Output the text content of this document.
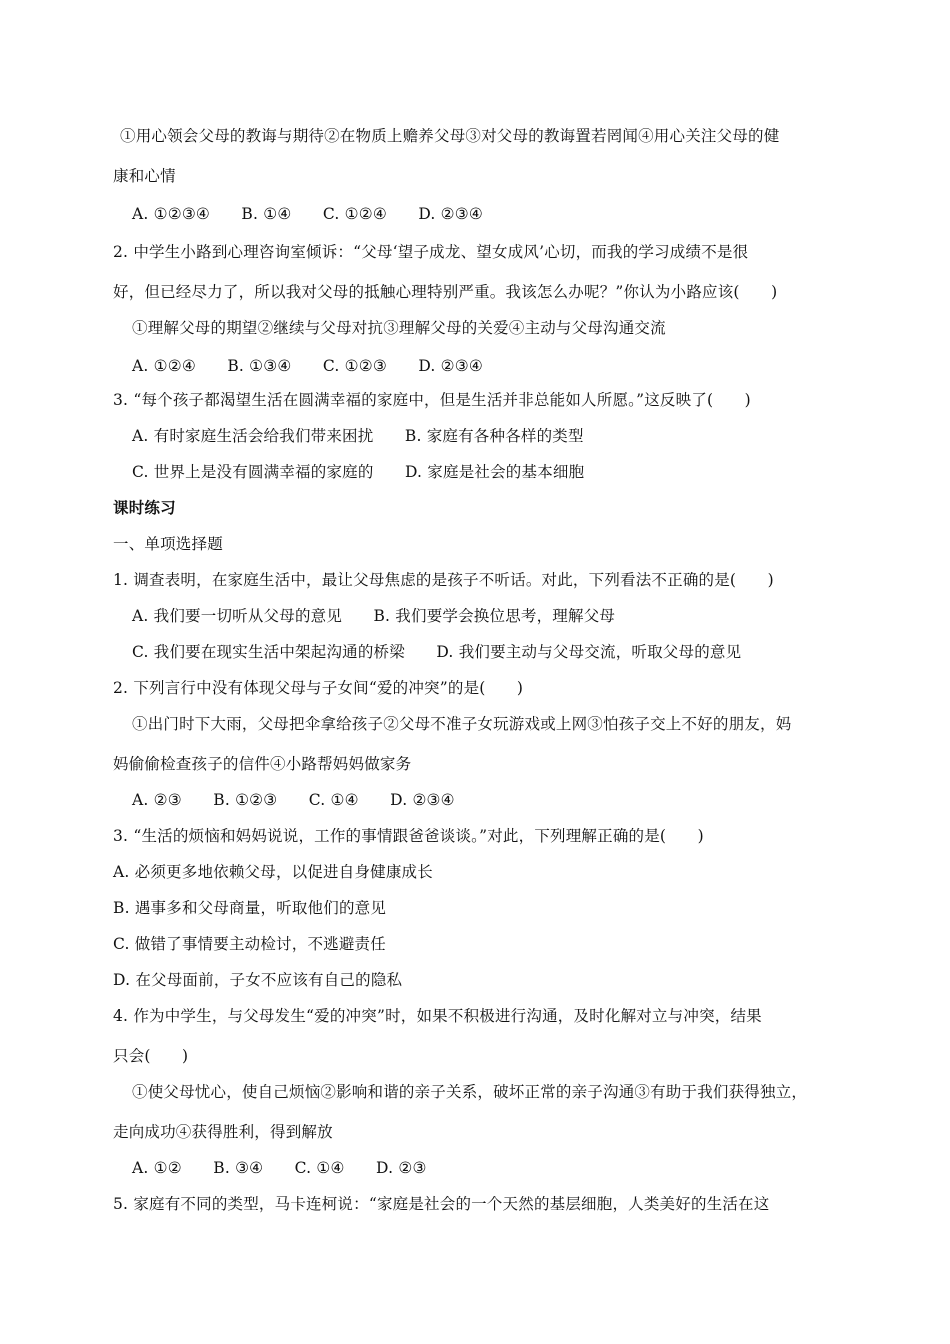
①用心领会父母的教诲与期待②在物质上赡养父母③对父母的教诲置若罔闻④用心关注父母的健
康和心情
A. ①②③④　　B. ①④　　C. ①②④　　D. ②③④
2. 中学生小路到心理咨询室倾诉：“父母‘望子成龙、望女成风’心切，而我的学习成绩不是很
好，但已经尽力了，所以我对父母的抵触心理特别严重。我该怎么办呢？”你认为小路应该(　　)
①理解父母的期望②继续与父母对抗③理解父母的关爱④主动与父母沟通交流
A. ①②④　　B. ①③④　　C. ①②③　　D. ②③④
3. “每个孩子都渴望生活在圆满幸福的家庭中，但是生活并非总能如人所愿。”这反映了(　　)
A. 有时家庭生活会给我们带来困扰　　B. 家庭有各种各样的类型
C. 世界上是没有圆满幸福的家庭的　　D. 家庭是社会的基本细胞
课时练习
一、单项选择题
1. 调查表明，在家庭生活中，最让父母焦虑的是孩子不听话。对此，下列看法不正确的是(　　)
A. 我们要一切听从父母的意见　　B. 我们要学会换位思考，理解父母
C. 我们要在现实生活中架起沟通的桥梁　　D. 我们要主动与父母交流，听取父母的意见
2. 下列言行中没有体现父母与子女间“爱的冲突”的是(　　)
①出门时下大雨，父母把伞拿给孩子②父母不准子女玩游戏或上网③怕孩子交上不好的朋友，妈
妈偷偷检查孩子的信件④小路帮妈妈做家务
A. ②③　　B. ①②③　　C. ①④　　D. ②③④
3. “生活的烦恼和妈妈说说，工作的事情跟爸爸谈谈。”对此，下列理解正确的是(　　)
A. 必须更多地依赖父母，以促进自身健康成长
B. 遇事多和父母商量，听取他们的意见
C. 做错了事情要主动检讨，不逃避责任
D. 在父母面前，子女不应该有自己的隐私
4. 作为中学生，与父母发生“爱的冲突”时，如果不积极进行沟通，及时化解对立与冲突，结果
只会(　　)
①使父母忧心，使自己烦恼②影响和谐的亲子关系，破坏正常的亲子沟通③有助于我们获得独立，
走向成功④获得胜利，得到解放
A. ①②　　B. ③④　　C. ①④　　D. ②③
5. 家庭有不同的类型，马卡连柯说：“家庭是社会的一个天然的基层细胞，人类美好的生活在这
